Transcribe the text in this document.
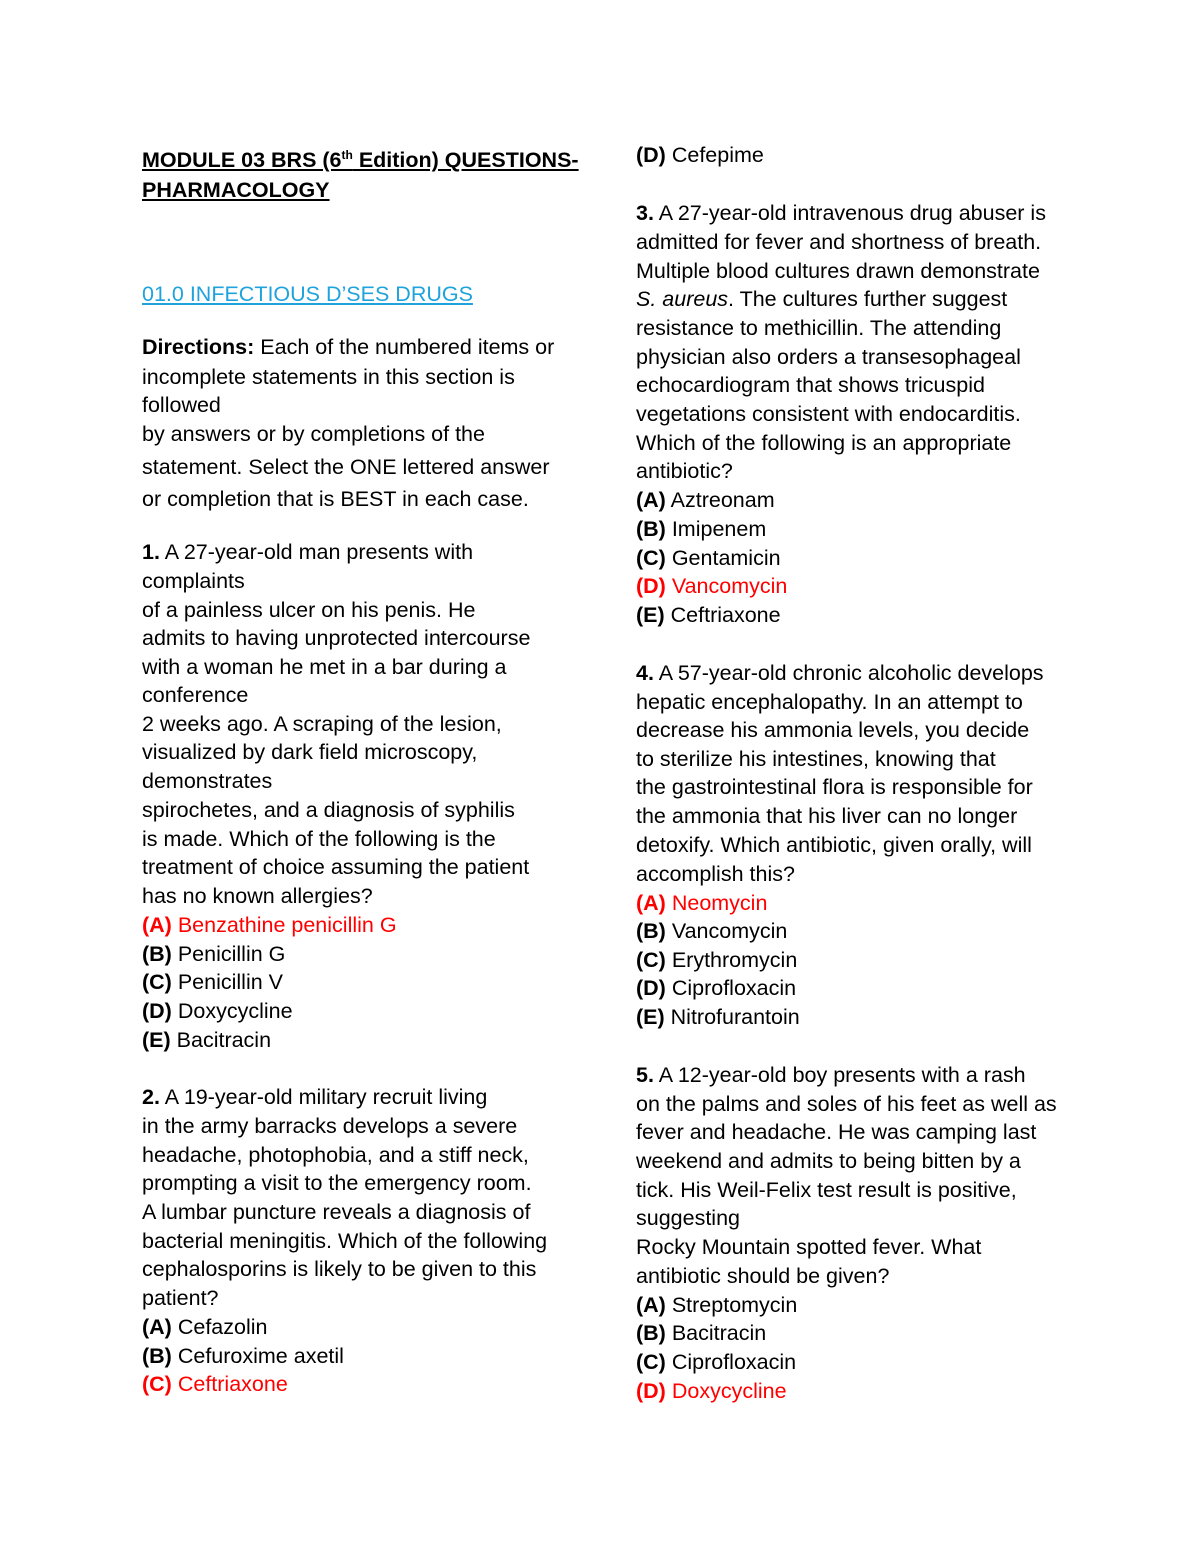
MODULE 03 BRS (6th Edition) QUESTIONS-
PHARMACOLOGY
01.0 INFECTIOUS D’SES DRUGS
Directions: Each of the numbered items or
incomplete statements in this section is
followed
by answers or by completions of the
statement. Select the ONE lettered answer
or completion that is BEST in each case.
1. A 27-year-old man presents with
complaints
of a painless ulcer on his penis. He
admits to having unprotected intercourse
with a woman he met in a bar during a
conference
2 weeks ago. A scraping of the lesion,
visualized by dark field microscopy,
demonstrates
spirochetes, and a diagnosis of syphilis
is made. Which of the following is the
treatment of choice assuming the patient
has no known allergies?
(A) Benzathine penicillin G
(B) Penicillin G
(C) Penicillin V
(D) Doxycycline
(E) Bacitracin
2. A 19-year-old military recruit living
in the army barracks develops a severe
headache, photophobia, and a stiff neck,
prompting a visit to the emergency room.
A lumbar puncture reveals a diagnosis of
bacterial meningitis. Which of the following
cephalosporins is likely to be given to this
patient?
(A) Cefazolin
(B) Cefuroxime axetil
(C) Ceftriaxone
(D) Cefepime
3. A 27-year-old intravenous drug abuser is
admitted for fever and shortness of breath.
Multiple blood cultures drawn demonstrate
S. aureus. The cultures further suggest
resistance to methicillin. The attending
physician also orders a transesophageal
echocardiogram that shows tricuspid
vegetations consistent with endocarditis.
Which of the following is an appropriate
antibiotic?
(A) Aztreonam
(B) Imipenem
(C) Gentamicin
(D) Vancomycin
(E) Ceftriaxone
4. A 57-year-old chronic alcoholic develops
hepatic encephalopathy. In an attempt to
decrease his ammonia levels, you decide
to sterilize his intestines, knowing that
the gastrointestinal flora is responsible for
the ammonia that his liver can no longer
detoxify. Which antibiotic, given orally, will
accomplish this?
(A) Neomycin
(B) Vancomycin
(C) Erythromycin
(D) Ciprofloxacin
(E) Nitrofurantoin
5. A 12-year-old boy presents with a rash
on the palms and soles of his feet as well as
fever and headache. He was camping last
weekend and admits to being bitten by a
tick. His Weil-Felix test result is positive,
suggesting
Rocky Mountain spotted fever. What
antibiotic should be given?
(A) Streptomycin
(B) Bacitracin
(C) Ciprofloxacin
(D) Doxycycline
